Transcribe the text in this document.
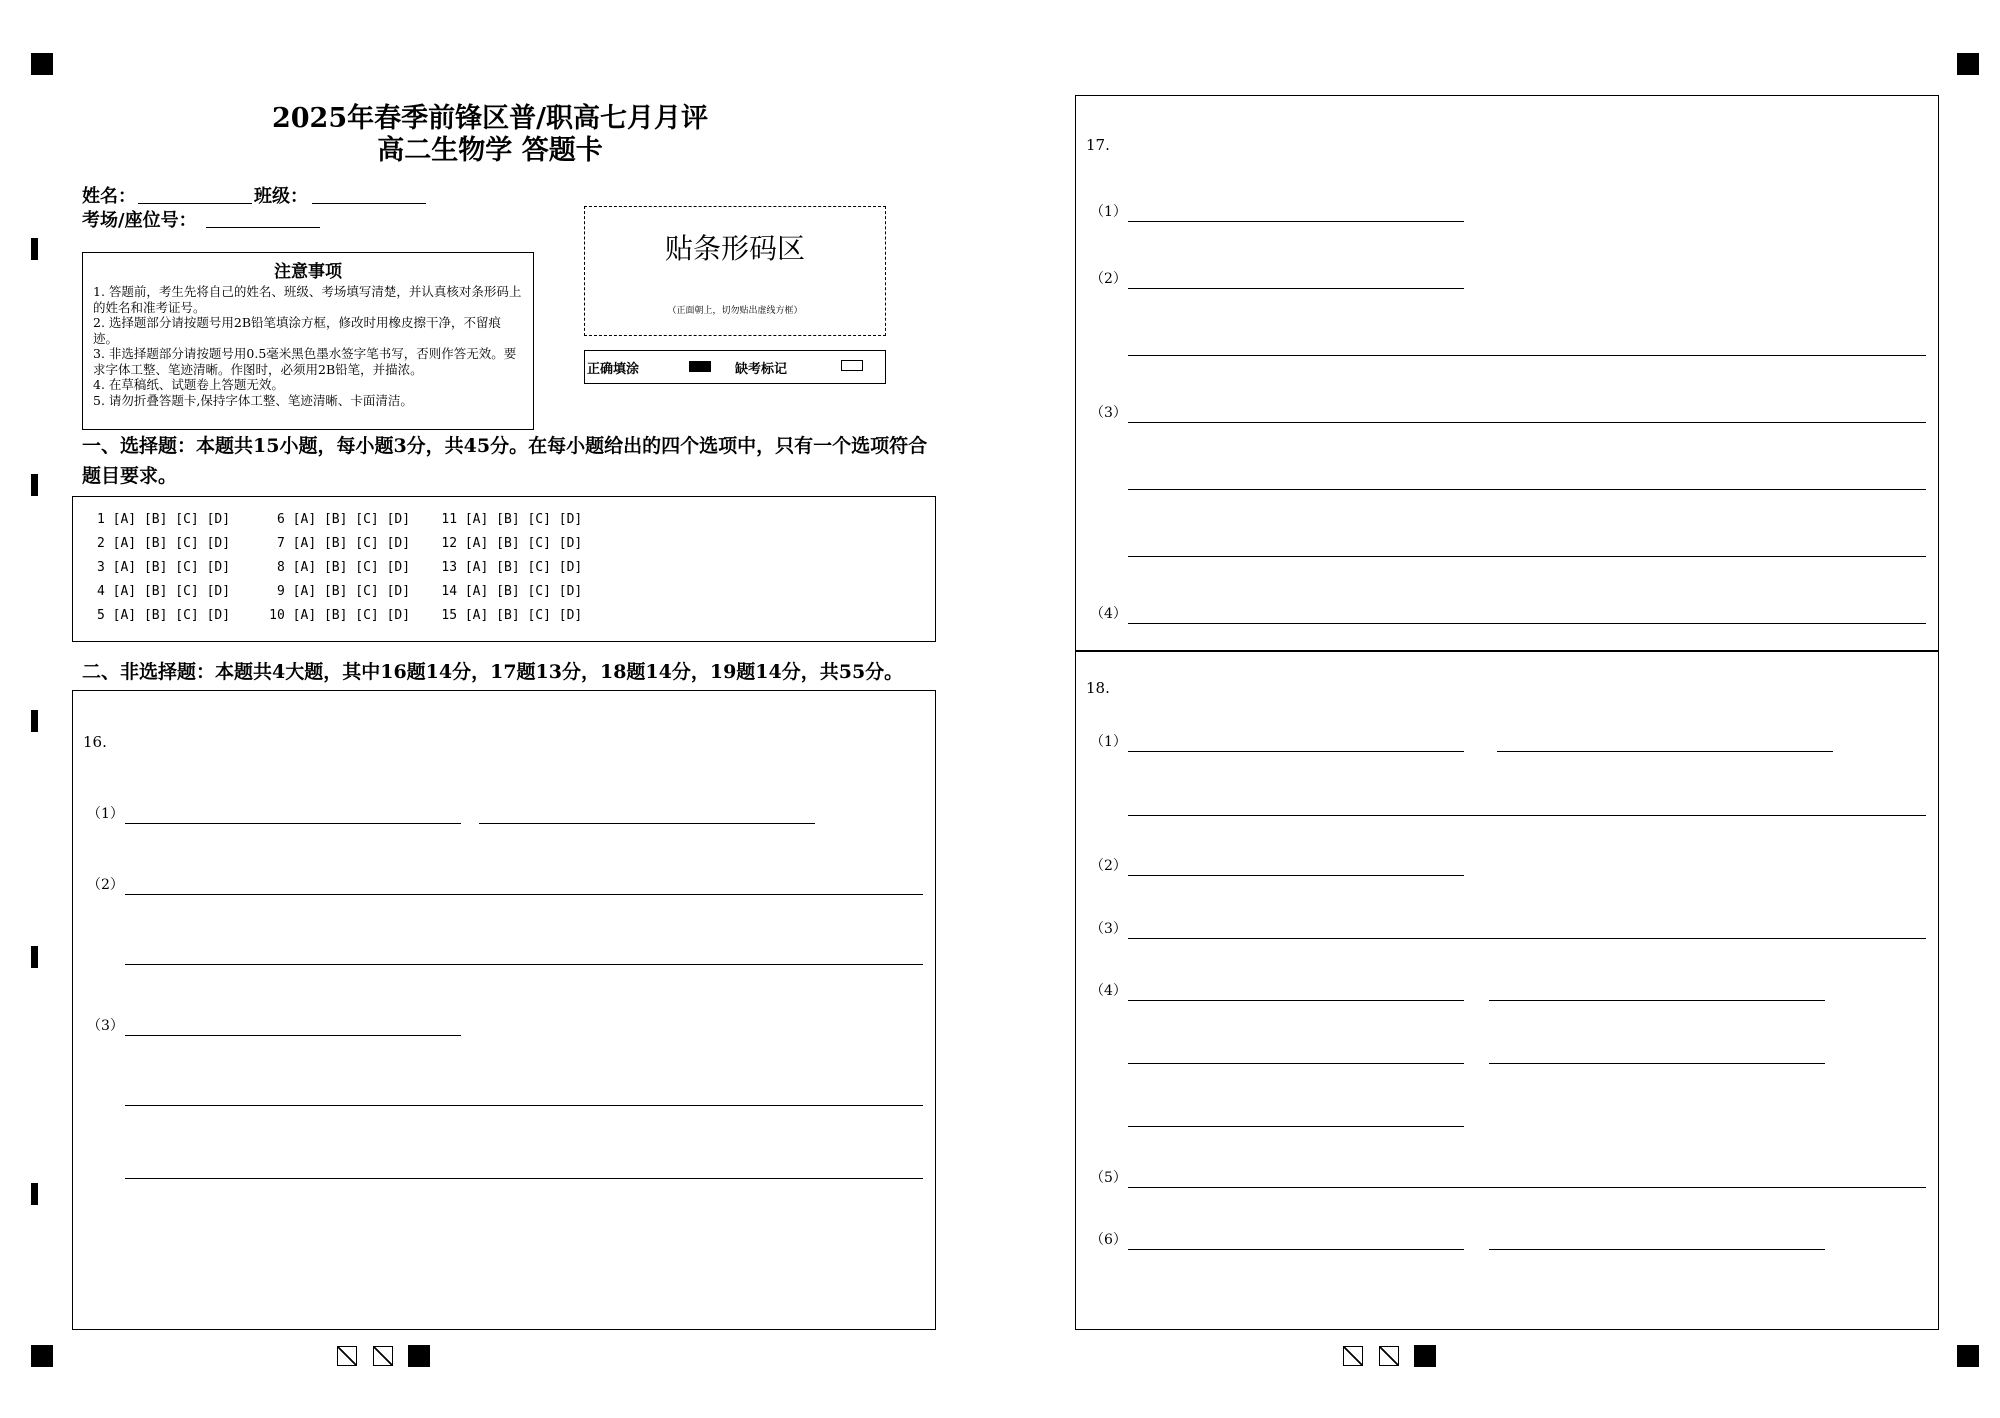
2025年春季前锋区普/职高七月月评
高二生物学 答题卡
姓名：	班级：
考场/座位号：
注意事项

1. 答题前，考生先将自己的姓名、班级、考场填写清楚，并认真核对条形码上的姓名和准考证号。

2. 选择题部分请按题号用2B铅笔填涂方框，修改时用橡皮擦干净，不留痕迹。

3. 非选择题部分请按题号用0.5毫米黑色墨水签字笔书写，否则作答无效。要求字体工整、笔迹清晰。作图时，必须用2B铅笔，并描浓。

4. 在草稿纸、试题卷上答题无效。

5. 请勿折叠答题卡,保持字体工整、笔迹清晰、卡面清洁。

贴条形码区
（正面朝上，切勿贴出虚线方框）
正确填涂	缺考标记
一、选择题：本题共15小题，每小题3分，共45分。在每小题给出的四个选项中，只有一个选项符合题目要求。
1 [A] [B] [C] [D]      6 [A] [B] [C] [D]    11 [A] [B] [C] [D]
2 [A] [B] [C] [D]      7 [A] [B] [C] [D]    12 [A] [B] [C] [D]
3 [A] [B] [C] [D]      8 [A] [B] [C] [D]    13 [A] [B] [C] [D]
4 [A] [B] [C] [D]      9 [A] [B] [C] [D]    14 [A] [B] [C] [D]
5 [A] [B] [C] [D]     10 [A] [B] [C] [D]    15 [A] [B] [C] [D]
二、非选择题：本题共4大题，其中16题14分，17题13分，18题14分，19题14分，共55分。
16.
（1）
（2）
（3）
17.
（1）
（2）
（3）
（4）
18.
（1）
（2）
（3）
（4）
（5）
（6）
